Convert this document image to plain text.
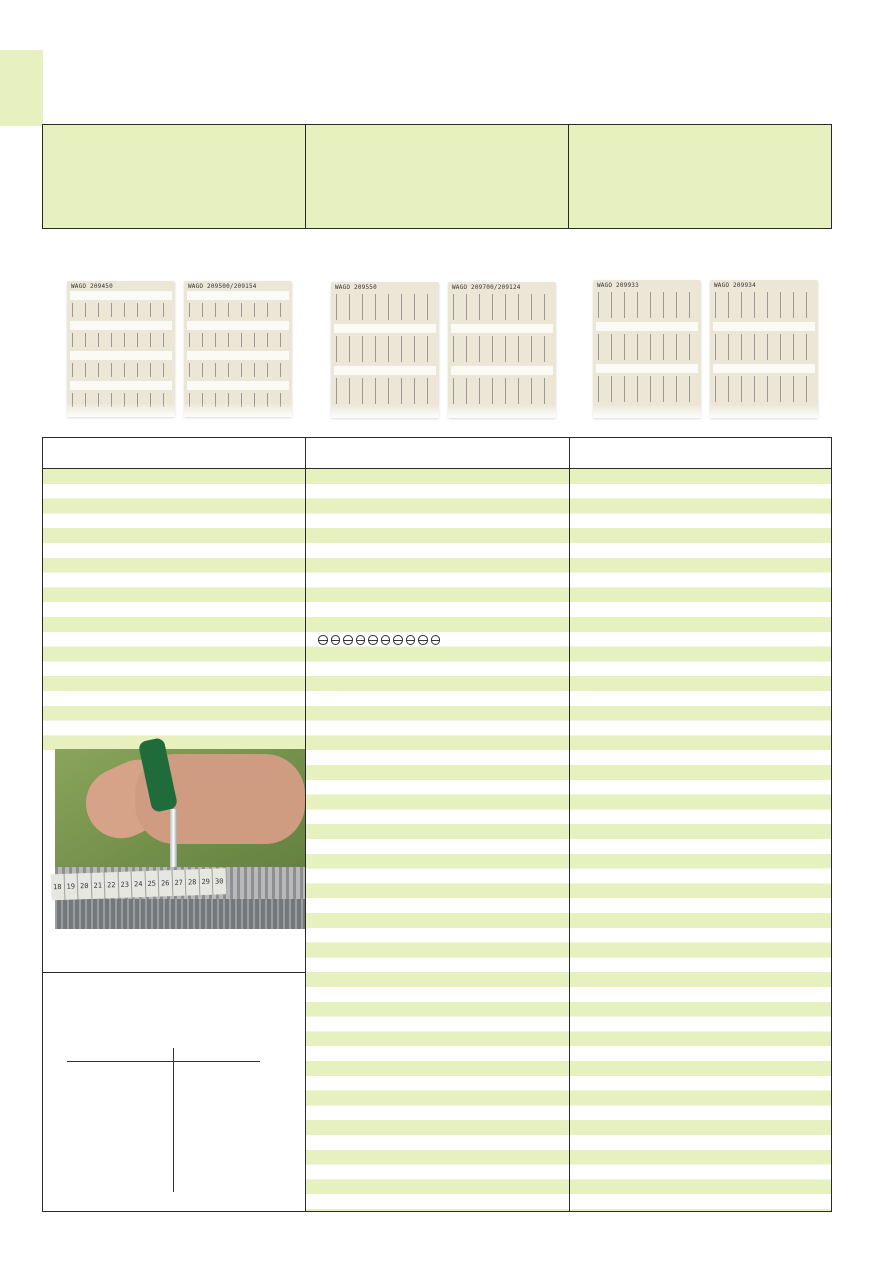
WAGO 209450	WAGO 209500/209154	WAGO 209550	WAGO 209700/209124	WAGO 209933	WAGO 209934
18 19 20 21 22 23 24 25 26 27 28 29 30
